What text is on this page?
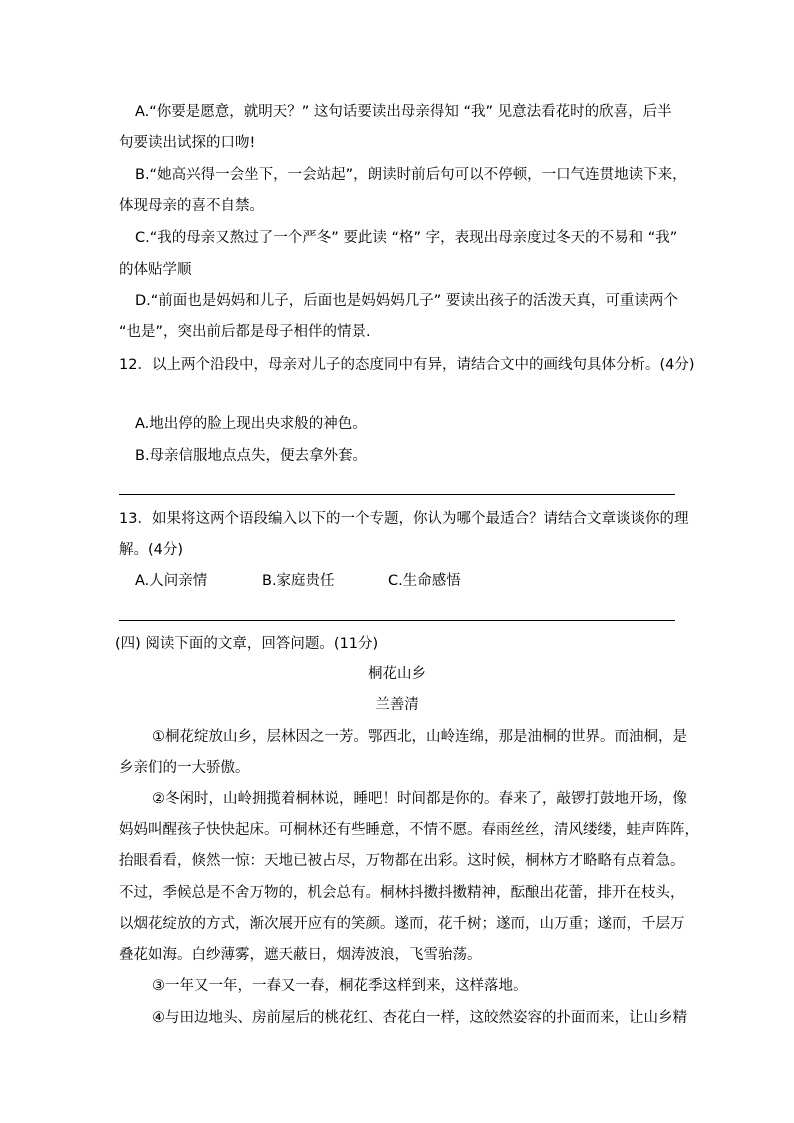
A.“你要是愿意，就明天？” 这句话要读出母亲得知 “我” 见意法看花时的欣喜，后半
句要读出试探的口吻!
B.“她高兴得一会坐下，一会站起”，朗读时前后句可以不停顿，一口气连贯地读下来，
体现母亲的喜不自禁。
C.“我的母亲又熬过了一个严冬” 要此读 “格” 字，表现出母亲度过冬天的不易和 “我”
的体贴学顺
D.“前面也是妈妈和儿子，后面也是妈妈妈几子” 要读出孩子的活泼天真，可重读两个
“也是”，突出前后都是母子相伴的情景.
12．以上两个沿段中，母亲对儿子的态度同中有异，请结合文中的画线句具体分析。(4分)
A.地出停的脸上现出央求般的神色。
B.母亲信服地点点失，便去拿外套。
13．如果将这两个语段编入以下的一个专题，你认为哪个最适合？请结合文章谈谈你的理
解。(4分)
A.人问亲情	B.家庭贵任	C.生命感悟
(四) 阅读下面的文章，回答问题。(11分)
桐花山乡
兰善清
①桐花绽放山乡，层林因之一芳。鄂西北，山岭连绵，那是油桐的世界。而油桐，是
乡亲们的一大骄傲。
②冬闲时，山岭拥揽着桐林说，睡吧！时间都是你的。春来了，敲锣打鼓地开场，像
妈妈叫醒孩子快快起床。可桐林还有些睡意，不情不愿。春雨丝丝，清风缕缕，蛙声阵阵，
抬眼看看，倏然一惊：天地已被占尽，万物都在出彩。这时候，桐林方才略略有点着急。
不过，季候总是不舍万物的，机会总有。桐林抖擞抖擞精神，酝酿出花蕾，排开在枝头，
以烟花绽放的方式，渐次展开应有的笑颜。遂而，花千树；遂而，山万重；遂而，千层万
叠花如海。白纱薄雾，遮天蔽日，烟涛波浪，飞雪骀荡。
③一年又一年，一春又一春，桐花季这样到来，这样落地。
④与田边地头、房前屋后的桃花红、杏花白一样，这皎然姿容的扑面而来，让山乡精
